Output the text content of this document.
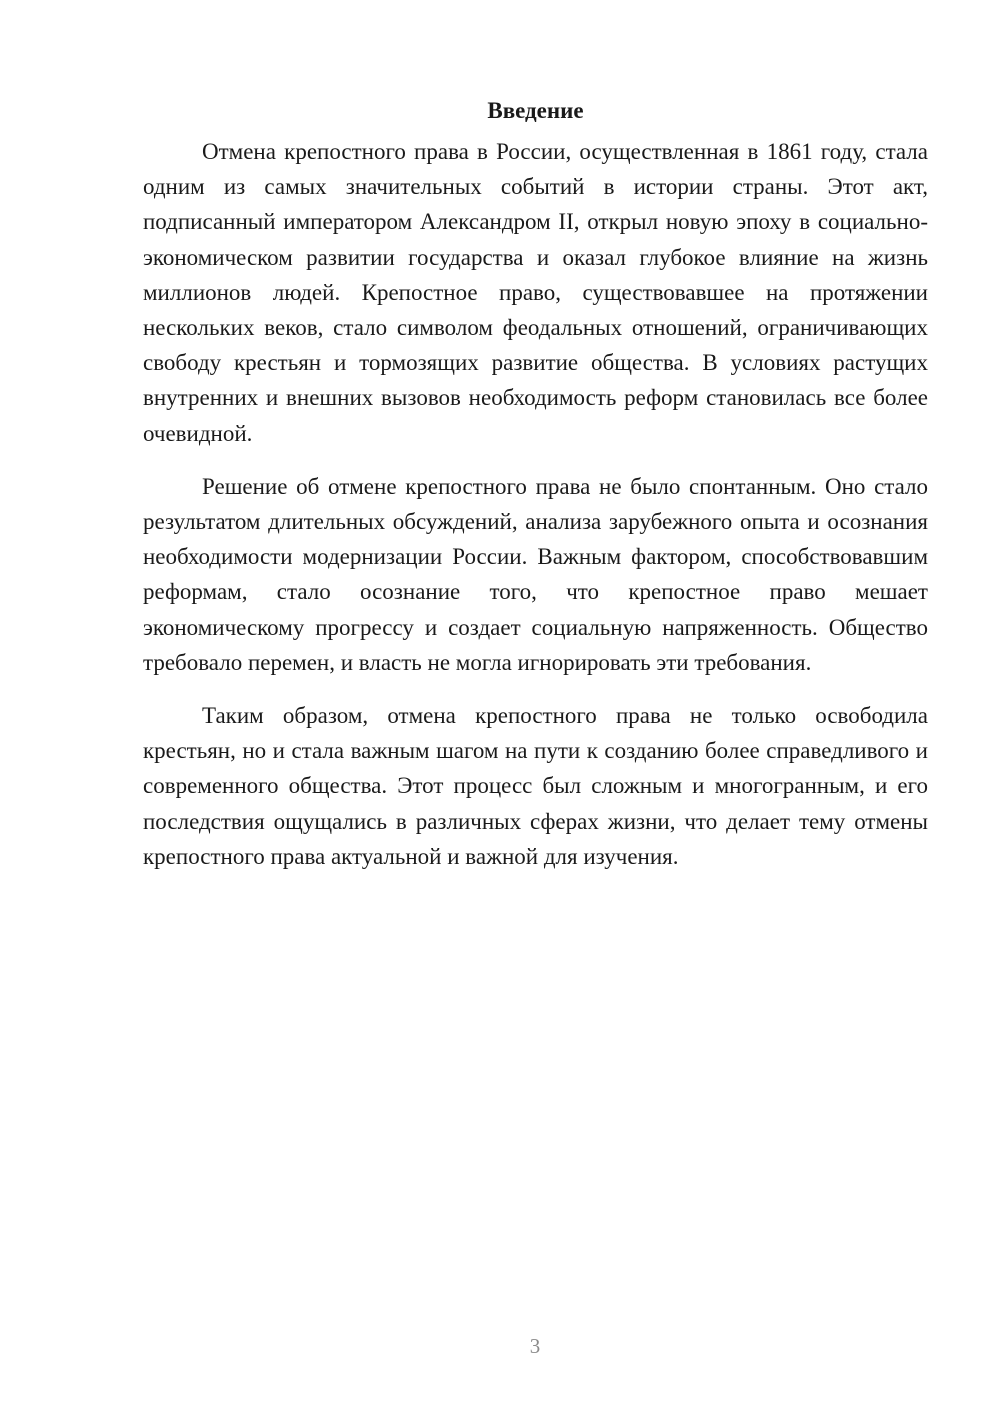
Введение

Отмена крепостного права в России, осуществленная в 1861 году, стала одним из самых значительных событий в истории страны. Этот акт, подписанный императором Александром II, открыл новую эпоху в социально-экономическом развитии государства и оказал глубокое влияние на жизнь миллионов людей. Крепостное право, существовавшее на протяжении нескольких веков, стало символом феодальных отношений, ограничивающих свободу крестьян и тормозящих развитие общества. В условиях растущих внутренних и внешних вызовов необходимость реформ становилась все более очевидной.

Решение об отмене крепостного права не было спонтанным. Оно стало результатом длительных обсуждений, анализа зарубежного опыта и осознания необходимости модернизации России. Важным фактором, способствовавшим реформам, стало осознание того, что крепостное право мешает экономическому прогрессу и создает социальную напряженность. Общество требовало перемен, и власть не могла игнорировать эти требования.

Таким образом, отмена крепостного права не только освободила крестьян, но и стала важным шагом на пути к созданию более справедливого и современного общества. Этот процесс был сложным и многогранным, и его последствия ощущались в различных сферах жизни, что делает тему отмены крепостного права актуальной и важной для изучения.

3
